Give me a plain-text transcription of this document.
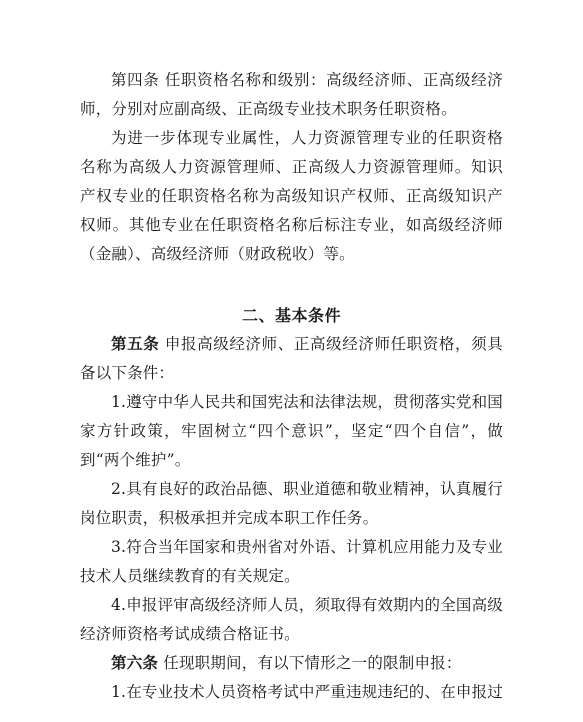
第四条 任职资格名称和级别：高级经济师、正高级经济师，分别对应副高级、正高级专业技术职务任职资格。

为进一步体现专业属性，人力资源管理专业的任职资格名称为高级人力资源管理师、正高级人力资源管理师。知识产权专业的任职资格名称为高级知识产权师、正高级知识产权师。其他专业在任职资格名称后标注专业，如高级经济师（金融）、高级经济师（财政税收）等。

二、基本条件

第五条 申报高级经济师、正高级经济师任职资格，须具备以下条件：

1.遵守中华人民共和国宪法和法律法规，贯彻落实党和国家方针政策，牢固树立“四个意识”，坚定“四个自信”，做到“两个维护”。

2.具有良好的政治品德、职业道德和敬业精神，认真履行岗位职责，积极承担并完成本职工作任务。

3.符合当年国家和贵州省对外语、计算机应用能力及专业技术人员继续教育的有关规定。

4.申报评审高级经济师人员，须取得有效期内的全国高级经济师资格考试成绩合格证书。

第六条 任现职期间，有以下情形之一的限制申报：

1.在专业技术人员资格考试中严重违规违纪的、在申报过
